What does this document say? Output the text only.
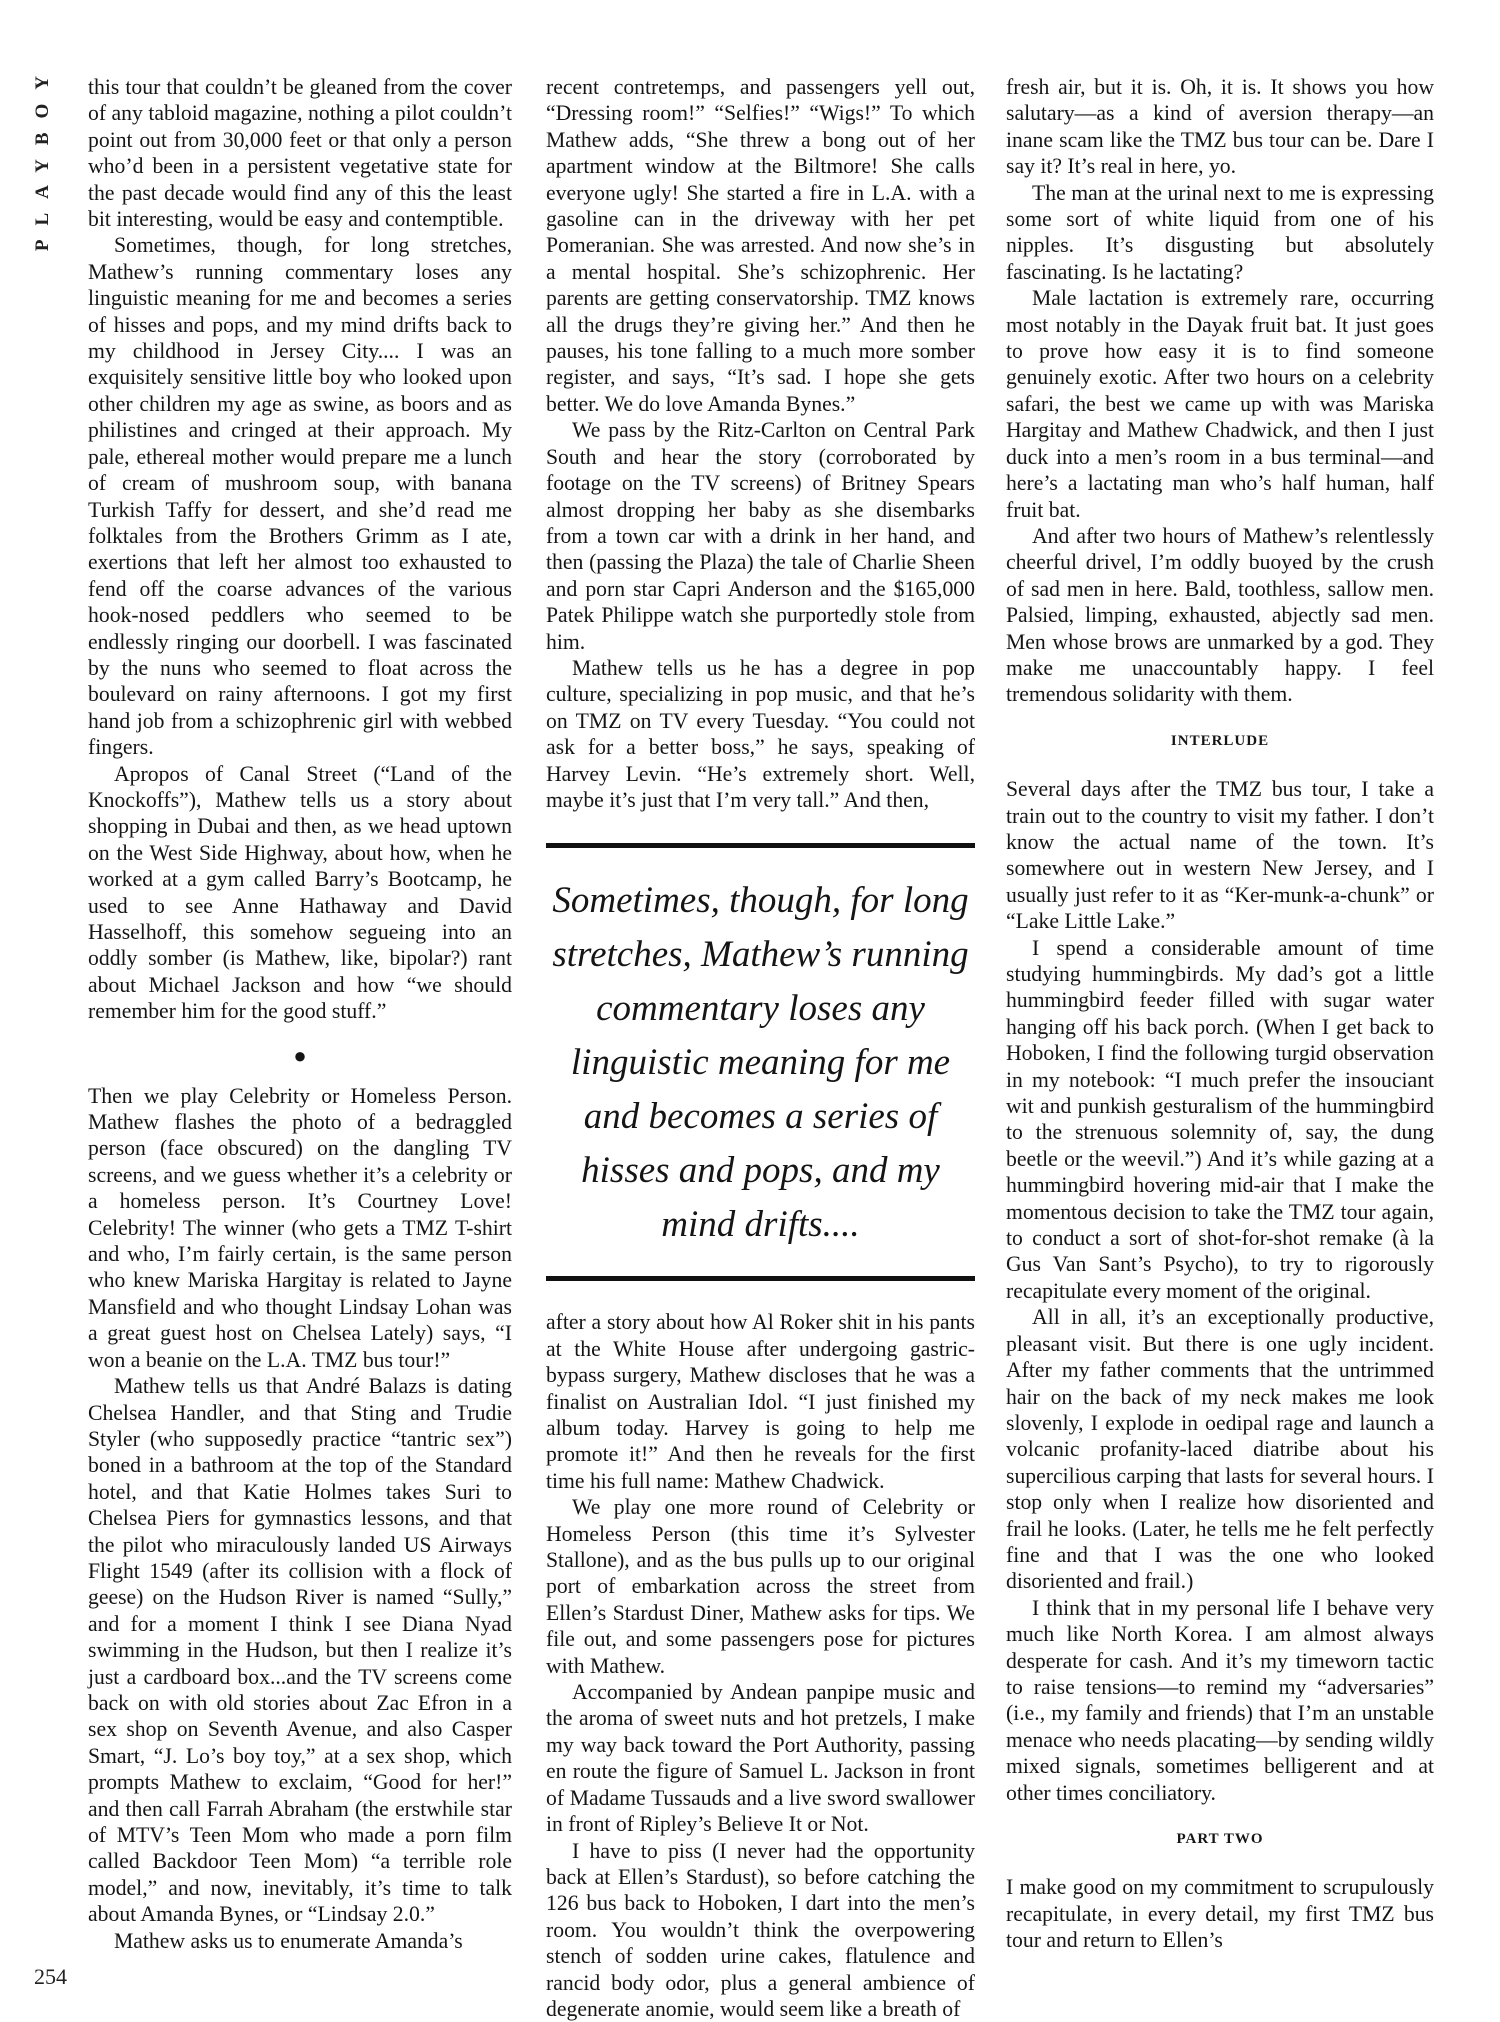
PLAYBOY this tour that couldn’t be gleaned from the cover of any tabloid magazine, nothing a pilot couldn’t point out from 30,000 feet or that only a person who’d been in a persistent vegetative state for the past decade would find any of this the least bit interesting, would be easy and contemptible.

Sometimes, though, for long stretches, Mathew’s running commentary loses any linguistic meaning for me and becomes a series of hisses and pops, and my mind drifts back to my childhood in Jersey City.... I was an exquisitely sensitive little boy who looked upon other children my age as swine, as boors and as philistines and cringed at their approach. My pale, ethereal mother would prepare me a lunch of cream of mushroom soup, with banana Turkish Taffy for dessert, and she’d read me folktales from the Brothers Grimm as I ate, exertions that left her almost too exhausted to fend off the coarse advances of the various hook-nosed peddlers who seemed to be endlessly ringing our doorbell. I was fascinated by the nuns who seemed to float across the boulevard on rainy afternoons. I got my first hand job from a schizophrenic girl with webbed fingers.

Apropos of Canal Street (“Land of the Knockoffs”), Mathew tells us a story about shopping in Dubai and then, as we head uptown on the West Side Highway, about how, when he worked at a gym called Barry’s Bootcamp, he used to see Anne Hathaway and David Hasselhoff, this somehow segueing into an oddly somber (is Mathew, like, bipolar?) rant about Michael Jackson and how “we should remember him for the good stuff.”

●

Then we play Celebrity or Homeless Person. Mathew flashes the photo of a bedraggled person (face obscured) on the dangling TV screens, and we guess whether it’s a celebrity or a homeless person. It’s Courtney Love! Celebrity! The winner (who gets a TMZ T-shirt and who, I’m fairly certain, is the same person who knew Mariska Hargitay is related to Jayne Mansfield and who thought Lindsay Lohan was a great guest host on Chelsea Lately) says, “I won a beanie on the L.A. TMZ bus tour!”

Mathew tells us that André Balazs is dating Chelsea Handler, and that Sting and Trudie Styler (who supposedly practice “tantric sex”) boned in a bathroom at the top of the Standard hotel, and that Katie Holmes takes Suri to Chelsea Piers for gymnastics lessons, and that the pilot who miraculously landed US Airways Flight 1549 (after its collision with a flock of geese) on the Hudson River is named “Sully,” and for a moment I think I see Diana Nyad swimming in the Hudson, but then I realize it’s just a cardboard box...and the TV screens come back on with old stories about Zac Efron in a sex shop on Seventh Avenue, and also Casper Smart, “J. Lo’s boy toy,” at a sex shop, which prompts Mathew to exclaim, “Good for her!” and then call Farrah Abraham (the erstwhile star of MTV’s Teen Mom who made a porn film called Backdoor Teen Mom) “a terrible role model,” and now, inevitably, it’s time to talk about Amanda Bynes, or “Lindsay 2.0.”

Mathew asks us to enumerate Amanda’s

recent contretemps, and passengers yell out, “Dressing room!” “Selfies!” “Wigs!” To which Mathew adds, “She threw a bong out of her apartment window at the Biltmore! She calls everyone ugly! She started a fire in L.A. with a gasoline can in the driveway with her pet Pomeranian. She was arrested. And now she’s in a mental hospital. She’s schizophrenic. Her parents are getting conservatorship. TMZ knows all the drugs they’re giving her.” And then he pauses, his tone falling to a much more somber register, and says, “It’s sad. I hope she gets better. We do love Amanda Bynes.”

We pass by the Ritz-Carlton on Central Park South and hear the story (corroborated by footage on the TV screens) of Britney Spears almost dropping her baby as she disembarks from a town car with a drink in her hand, and then (passing the Plaza) the tale of Charlie Sheen and porn star Capri Anderson and the $165,000 Patek Philippe watch she purportedly stole from him.

Mathew tells us he has a degree in pop culture, specializing in pop music, and that he’s on TMZ on TV every Tuesday. “You could not ask for a better boss,” he says, speaking of Harvey Levin. “He’s extremely short. Well, maybe it’s just that I’m very tall.” And then,

Sometimes, though, for long stretches, Mathew’s running commentary loses any linguistic meaning for me and becomes a series of hisses and pops, and my mind drifts....

after a story about how Al Roker shit in his pants at the White House after undergoing gastric-bypass surgery, Mathew discloses that he was a finalist on Australian Idol. “I just finished my album today. Harvey is going to help me promote it!” And then he reveals for the first time his full name: Mathew Chadwick.

We play one more round of Celebrity or Homeless Person (this time it’s Sylvester Stallone), and as the bus pulls up to our original port of embarkation across the street from Ellen’s Stardust Diner, Mathew asks for tips. We file out, and some passengers pose for pictures with Mathew.

Accompanied by Andean panpipe music and the aroma of sweet nuts and hot pretzels, I make my way back toward the Port Authority, passing en route the figure of Samuel L. Jackson in front of Madame Tussauds and a live sword swallower in front of Ripley’s Believe It or Not.

I have to piss (I never had the opportunity back at Ellen’s Stardust), so before catching the 126 bus back to Hoboken, I dart into the men’s room. You wouldn’t think the overpowering stench of sodden urine cakes, flatulence and rancid body odor, plus a general ambience of degenerate anomie, would seem like a breath of

fresh air, but it is. Oh, it is. It shows you how salutary—as a kind of aversion therapy—an inane scam like the TMZ bus tour can be. Dare I say it? It’s real in here, yo.

The man at the urinal next to me is expressing some sort of white liquid from one of his nipples. It’s disgusting but absolutely fascinating. Is he lactating?

Male lactation is extremely rare, occurring most notably in the Dayak fruit bat. It just goes to prove how easy it is to find someone genuinely exotic. After two hours on a celebrity safari, the best we came up with was Mariska Hargitay and Mathew Chadwick, and then I just duck into a men’s room in a bus terminal—and here’s a lactating man who’s half human, half fruit bat.

And after two hours of Mathew’s relentlessly cheerful drivel, I’m oddly buoyed by the crush of sad men in here. Bald, toothless, sallow men. Palsied, limping, exhausted, abjectly sad men. Men whose brows are unmarked by a god. They make me unaccountably happy. I feel tremendous solidarity with them.

INTERLUDE

Several days after the TMZ bus tour, I take a train out to the country to visit my father. I don’t know the actual name of the town. It’s somewhere out in western New Jersey, and I usually just refer to it as “Ker-munk-a-chunk” or “Lake Little Lake.”

I spend a considerable amount of time studying hummingbirds. My dad’s got a little hummingbird feeder filled with sugar water hanging off his back porch. (When I get back to Hoboken, I find the following turgid observation in my notebook: “I much prefer the insouciant wit and punkish gesturalism of the hummingbird to the strenuous solemnity of, say, the dung beetle or the weevil.”) And it’s while gazing at a hummingbird hovering mid-air that I make the momentous decision to take the TMZ tour again, to conduct a sort of shot-for-shot remake (à la Gus Van Sant’s Psycho), to try to rigorously recapitulate every moment of the original.

All in all, it’s an exceptionally productive, pleasant visit. But there is one ugly incident. After my father comments that the untrimmed hair on the back of my neck makes me look slovenly, I explode in oedipal rage and launch a volcanic profanity-laced diatribe about his supercilious carping that lasts for several hours. I stop only when I realize how disoriented and frail he looks. (Later, he tells me he felt perfectly fine and that I was the one who looked disoriented and frail.)

I think that in my personal life I behave very much like North Korea. I am almost always desperate for cash. And it’s my timeworn tactic to raise tensions—to remind my “adversaries” (i.e., my family and friends) that I’m an unstable menace who needs placating—by sending wildly mixed signals, sometimes belligerent and at other times conciliatory.

PART TWO

I make good on my commitment to scrupulously recapitulate, in every detail, my first TMZ bus tour and return to Ellen’s

254
